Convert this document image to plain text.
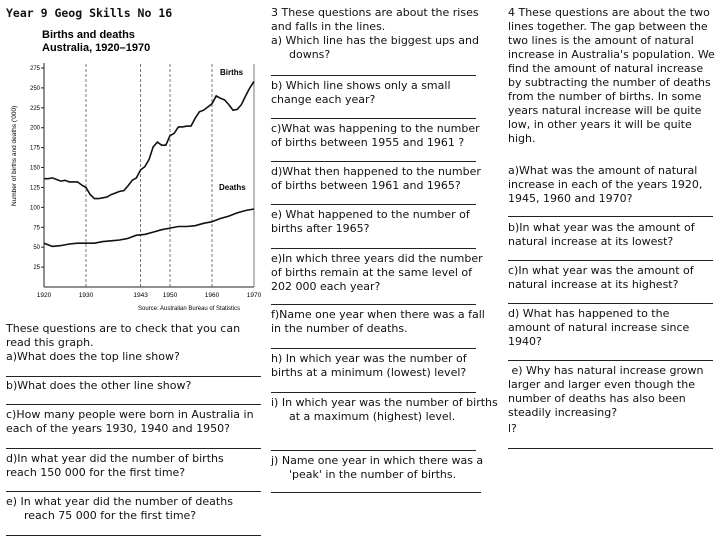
Year 9 Geog Skills No 16
Births and deaths
Australia, 1920–1970
Number of births and deaths ('000)
275
250
225
200
175
150
125
100
75
50
25
1920	1930	1943 1950	1960	1970
Births
Deaths
Source: Australian Bureau of Statistics
These questions are to check that you can read this graph.
a)What does the top line show?
b)What does the other line show?
c)How many people were born in Australia in each of the years 1930, 1940 and 1950?
d)In what year did the number of births reach 150 000 for the first time?
e) In what year did the number of deaths reach 75 000 for the first time?
3 These questions are about the rises and falls in the lines.
a) Which line has the biggest ups and downs?
b) Which line shows only a small change each year?
c)What was happening to the number of births between 1955 and 1961 ?
d)What then happened to the number of births between 1961 and 1965?
e) What happened to the number of births after 1965?
e)In which three years did the number of births remain at the same level of 202 000 each year?
f)Name one year when there was a fall in the number of deaths.
h) In which year was the number of births at a minimum (lowest) level?
i) In which year was the number of births at a maximum (highest) level.
j) Name one year in which there was a 'peak' in the number of births.
4 These questions are about the two lines together. The gap between the two lines is the amount of natural increase in Australia's population. We find the amount of natural increase by subtracting the number of deaths from the number of births. In some years natural increase will be quite low, in other years it will be quite high.
a)What was the amount of natural increase in each of the years 1920, 1945, 1960 and 1970?
b)In what year was the amount of natural increase at its lowest?
c)In what year was the amount of natural increase at its highest?
d) What has happened to the amount of natural increase since 1940?
e) Why has natural increase grown larger and larger even though the number of deaths has also been steadily increasing?
l?
